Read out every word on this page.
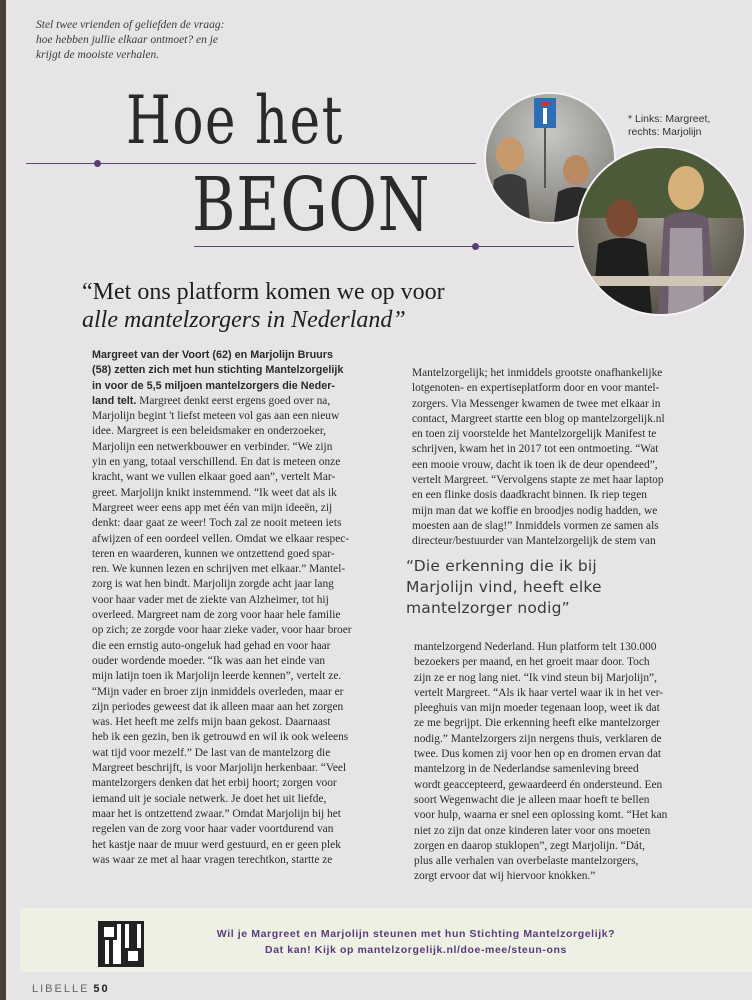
Stel twee vrienden of geliefden de vraag:
hoe hebben jullie elkaar ontmoet? en je
krijgt de mooiste verhalen.
Hoe het
BEGON
* Links: Margreet,
rechts: Marjolijn
“Met ons platform komen we op voor
alle mantelzorgers in Nederland”
Margreet van der Voort (62) en Marjolijn Bruurs
(58) zetten zich met hun stichting Mantelzorgelijk
in voor de 5,5 miljoen mantelzorgers die Neder-
land telt. Margreet denkt eerst ergens goed over na,
Marjolijn begint 't liefst meteen vol gas aan een nieuw
idee. Margreet is een beleidsmaker en onderzoeker,
Marjolijn een netwerkbouwer en verbinder. “We zijn
yin en yang, totaal verschillend. En dat is meteen onze
kracht, want we vullen elkaar goed aan”, vertelt Mar-
greet. Marjolijn knikt instemmend. “Ik weet dat als ik
Margreet weer eens app met één van mijn ideeën, zij
denkt: daar gaat ze weer! Toch zal ze nooit meteen iets
afwijzen of een oordeel vellen. Omdat we elkaar respec-
teren en waarderen, kunnen we ontzettend goed spar-
ren. We kunnen lezen en schrijven met elkaar.” Mantel-
zorg is wat hen bindt. Marjolijn zorgde acht jaar lang
voor haar vader met de ziekte van Alzheimer, tot hij
overleed. Margreet nam de zorg voor haar hele familie
op zich; ze zorgde voor haar zieke vader, voor haar broer
die een ernstig auto-ongeluk had gehad en voor haar
ouder wordende moeder. “Ik was aan het einde van
mijn latijn toen ik Marjolijn leerde kennen”, vertelt ze.
“Mijn vader en broer zijn inmiddels overleden, maar er
zijn periodes geweest dat ik alleen maar aan het zorgen
was. Het heeft me zelfs mijn baan gekost. Daarnaast
heb ik een gezin, ben ik getrouwd en wil ik ook weleens
wat tijd voor mezelf.” De last van de mantelzorg die
Margreet beschrijft, is voor Marjolijn herkenbaar. “Veel
mantelzorgers denken dat het erbij hoort; zorgen voor
iemand uit je sociale netwerk. Je doet het uit liefde,
maar het is ontzettend zwaar.” Omdat Marjolijn bij het
regelen van de zorg voor haar vader voortdurend van
het kastje naar de muur werd gestuurd, en er geen plek
was waar ze met al haar vragen terechtkon, startte ze
Mantelzorgelijk; het inmiddels grootste onafhankelijke
lotgenoten- en expertiseplatform door en voor mantel-
zorgers. Via Messenger kwamen de twee met elkaar in
contact, Margreet startte een blog op mantelzorgelijk.nl
en toen zij voorstelde het Mantelzorgelijk Manifest te
schrijven, kwam het in 2017 tot een ontmoeting. “Wat
een mooie vrouw, dacht ik toen ik de deur opendeed”,
vertelt Margreet. “Vervolgens stapte ze met haar laptop
en een flinke dosis daadkracht binnen. Ik riep tegen
mijn man dat we koffie en broodjes nodig hadden, we
moesten aan de slag!” Inmiddels vormen ze samen als
directeur/bestuurder van Mantelzorgelijk de stem van
“Die erkenning die ik bij
Marjolijn vind, heeft elke
mantelzorger nodig”
mantelzorgend Nederland. Hun platform telt 130.000
bezoekers per maand, en het groeit maar door. Toch
zijn ze er nog lang niet. “Ik vind steun bij Marjolijn”,
vertelt Margreet. “Als ik haar vertel waar ik in het ver-
pleeghuis van mijn moeder tegenaan loop, weet ik dat
ze me begrijpt. Die erkenning heeft elke mantelzorger
nodig.” Mantelzorgers zijn nergens thuis, verklaren de
twee. Dus komen zij voor hen op en dromen ervan dat
mantelzorg in de Nederlandse samenleving breed
wordt geaccepteerd, gewaardeerd én ondersteund. Een
soort Wegenwacht die je alleen maar hoeft te bellen
voor hulp, waarna er snel een oplossing komt. “Het kan
niet zo zijn dat onze kinderen later voor ons moeten
zorgen en daarop stuklopen”, zegt Marjolijn. “Dát,
plus alle verhalen van overbelaste mantelzorgers,
zorgt ervoor dat wij hiervoor knokken.”
Wil je Margreet en Marjolijn steunen met hun Stichting Mantelzorgelijk?
Dat kan! Kijk op mantelzorgelijk.nl/doe-mee/steun-ons
LIBELLE 50
